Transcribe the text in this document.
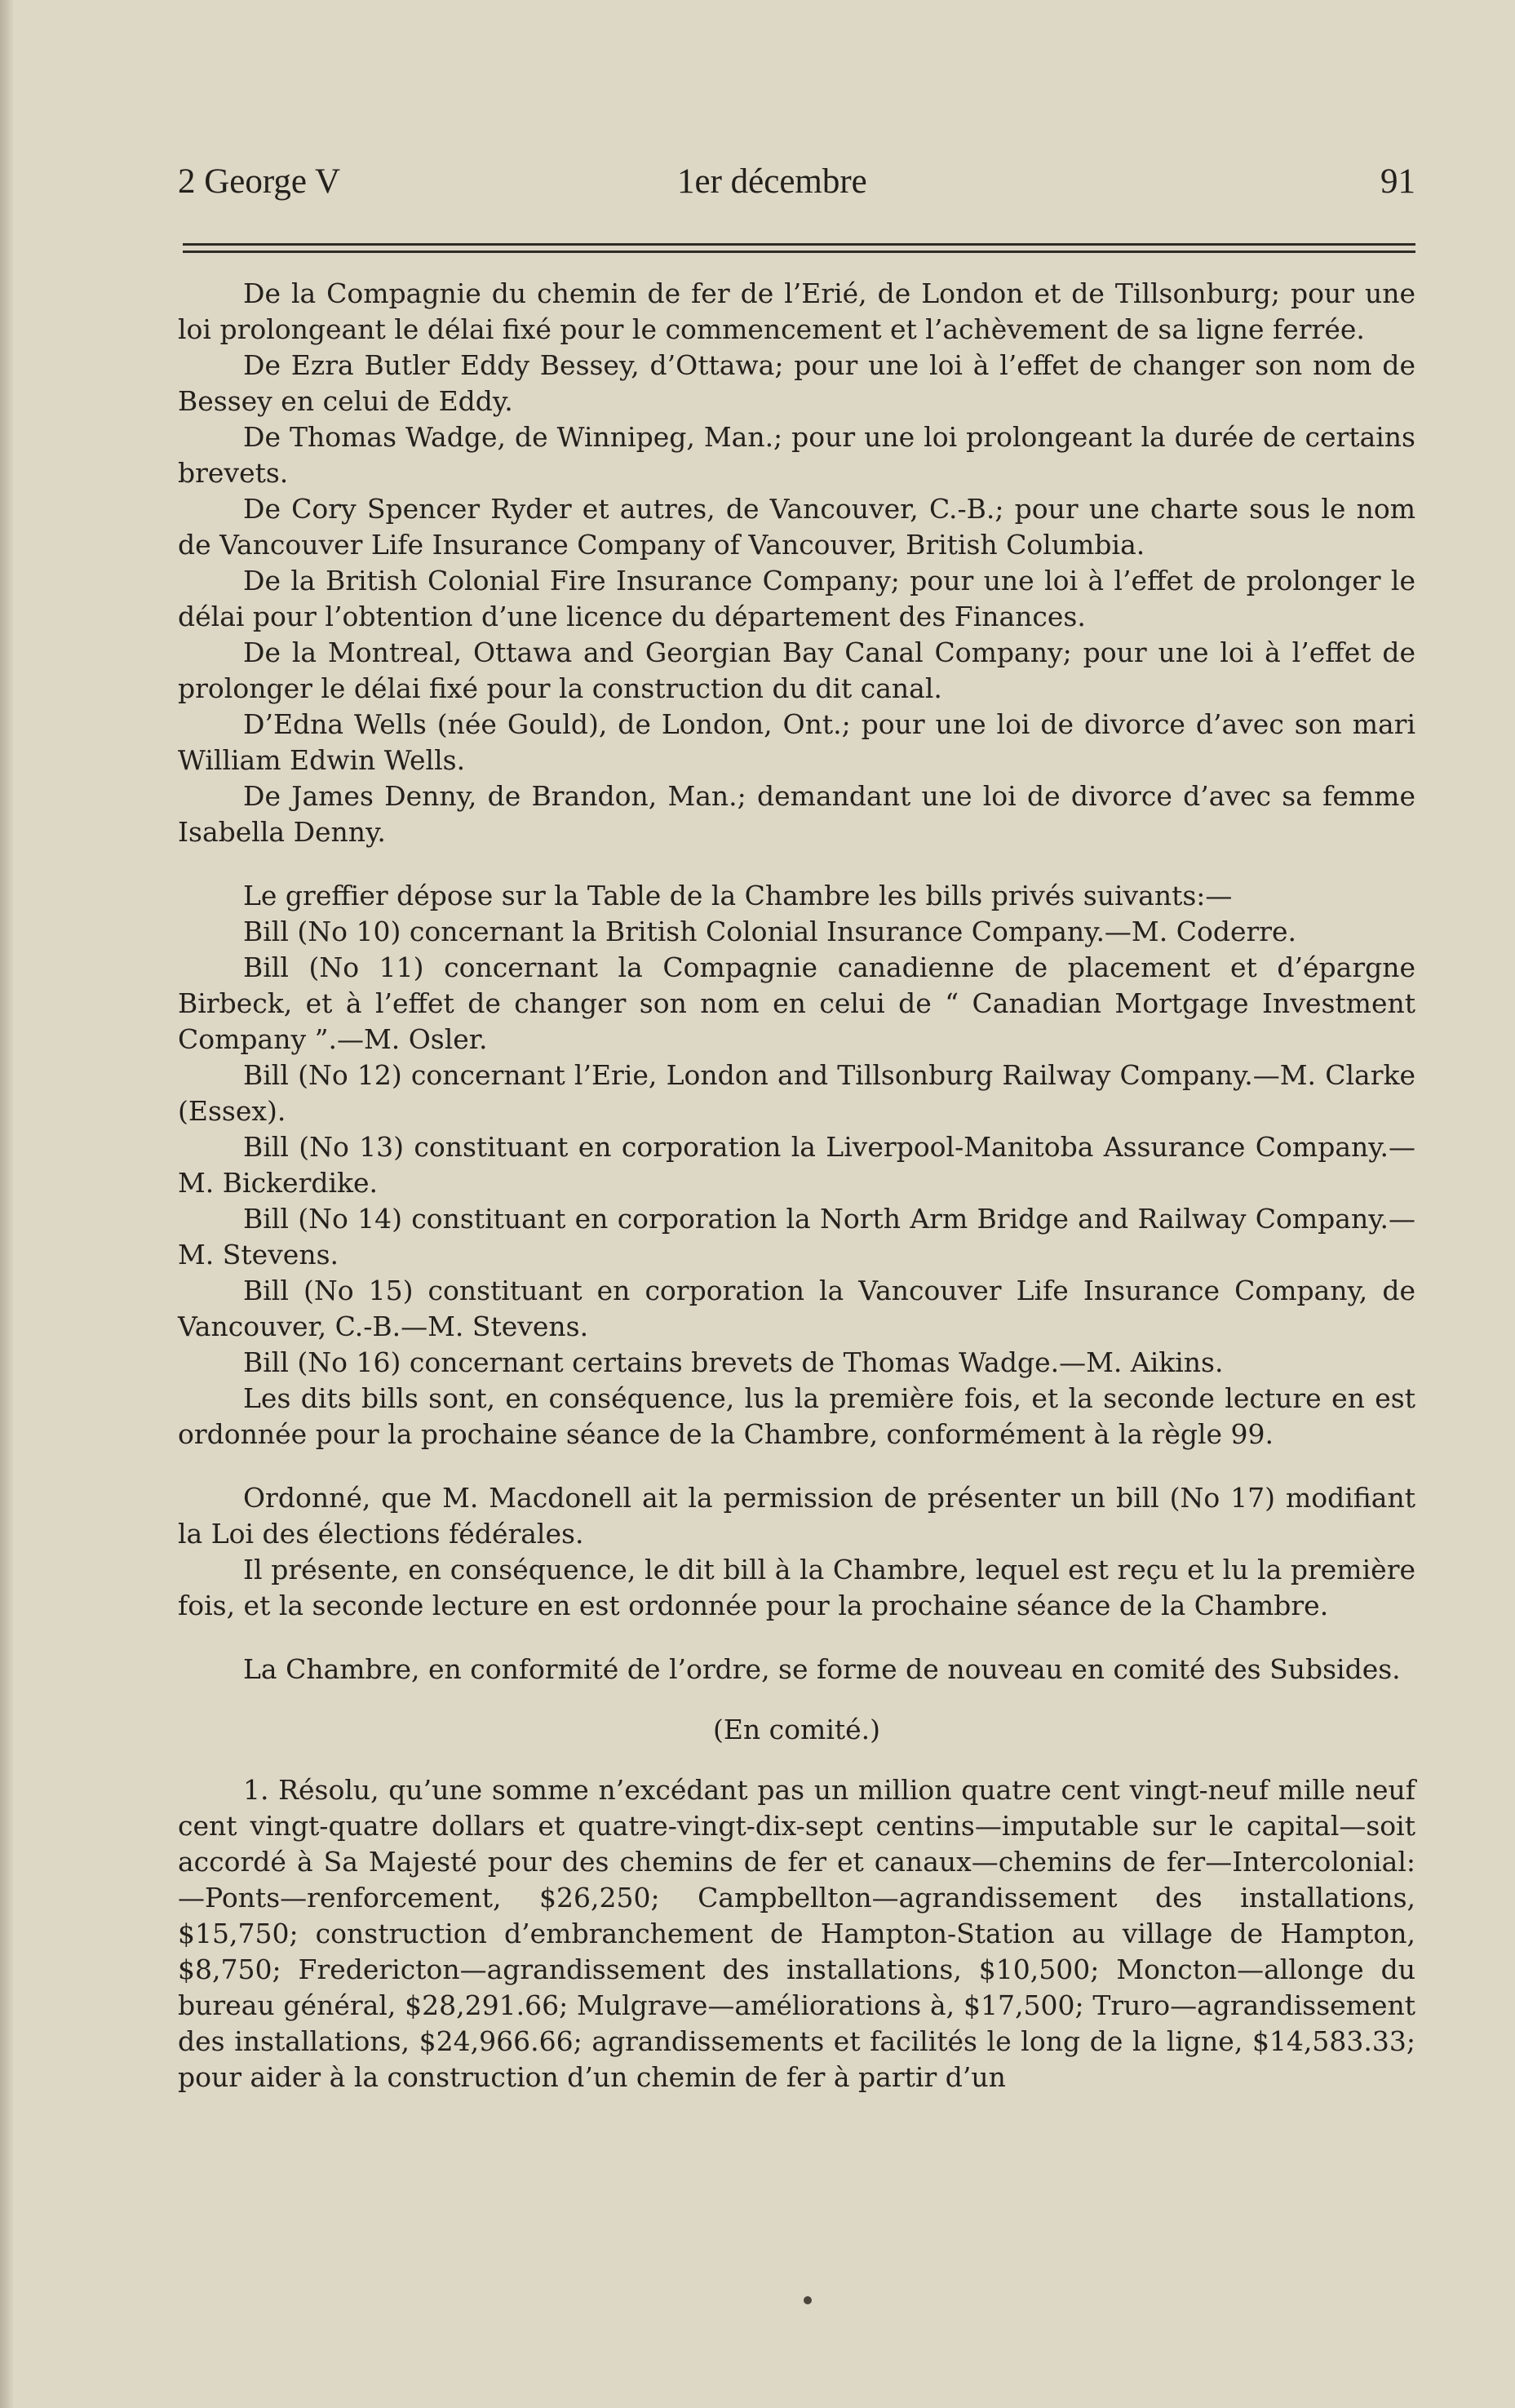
2 George V	1er décembre	91

De la Compagnie du chemin de fer de l’Erié, de London et de Tillsonburg; pour une loi prolongeant le délai fixé pour le commencement et l’achèvement de sa ligne ferrée.

De Ezra Butler Eddy Bessey, d’Ottawa; pour une loi à l’effet de changer son nom de Bessey en celui de Eddy.

De Thomas Wadge, de Winnipeg, Man.; pour une loi prolongeant la durée de certains brevets.

De Cory Spencer Ryder et autres, de Vancouver, C.-B.; pour une charte sous le nom de Vancouver Life Insurance Company of Vancouver, British Columbia.

De la British Colonial Fire Insurance Company; pour une loi à l’effet de prolonger le délai pour l’obtention d’une licence du département des Finances.

De la Montreal, Ottawa and Georgian Bay Canal Company; pour une loi à l’effet de prolonger le délai fixé pour la construction du dit canal.

D’Edna Wells (née Gould), de London, Ont.; pour une loi de divorce d’avec son mari William Edwin Wells.

De James Denny, de Brandon, Man.; demandant une loi de divorce d’avec sa femme Isabella Denny.

Le greffier dépose sur la Table de la Chambre les bills privés suivants:—

Bill (No 10) concernant la British Colonial Insurance Company.—M. Coderre.

Bill (No 11) concernant la Compagnie canadienne de placement et d’épargne Birbeck, et à l’effet de changer son nom en celui de “ Canadian Mortgage Investment Company ”.—M. Osler.

Bill (No 12) concernant l’Erie, London and Tillsonburg Railway Company.—M. Clarke (Essex).

Bill (No 13) constituant en corporation la Liverpool-Manitoba Assurance Company.—M. Bickerdike.

Bill (No 14) constituant en corporation la North Arm Bridge and Railway Company.—M. Stevens.

Bill (No 15) constituant en corporation la Vancouver Life Insurance Company, de Vancouver, C.-B.—M. Stevens.

Bill (No 16) concernant certains brevets de Thomas Wadge.—M. Aikins.

Les dits bills sont, en conséquence, lus la première fois, et la seconde lecture en est ordonnée pour la prochaine séance de la Chambre, conformément à la règle 99.

Ordonné, que M. Macdonell ait la permission de présenter un bill (No 17) modifiant la Loi des élections fédérales.

Il présente, en conséquence, le dit bill à la Chambre, lequel est reçu et lu la première fois, et la seconde lecture en est ordonnée pour la prochaine séance de la Chambre.

La Chambre, en conformité de l’ordre, se forme de nouveau en comité des Subsides.

(En comité.)

1. Résolu, qu’une somme n’excédant pas un million quatre cent vingt-neuf mille neuf cent vingt-quatre dollars et quatre-vingt-dix-sept centins—imputable sur le capital—soit accordé à Sa Majesté pour des chemins de fer et canaux—chemins de fer—Intercolonial:—Ponts—renforcement, $26,250; Campbellton—agrandissement des installations, $15,750; construction d’embranchement de Hampton-Station au village de Hampton, $8,750; Fredericton—agrandissement des installations, $10,500; Moncton—allonge du bureau général, $28,291.66; Mulgrave—améliorations à, $17,500; Truro—agrandissement des installations, $24,966.66; agrandissements et facilités le long de la ligne, $14,583.33; pour aider à la construction d’un chemin de fer à partir d’un
